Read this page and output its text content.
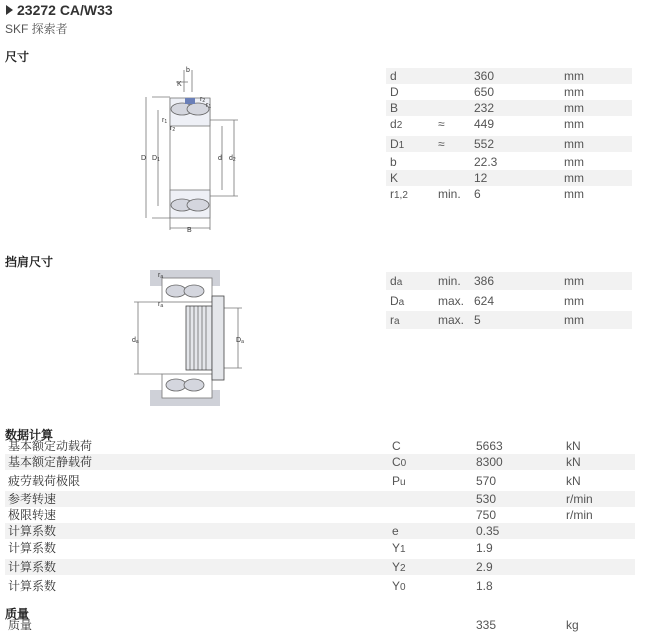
23272 CA/W33
SKF 探索者
尺寸
b
K
r2
r1
r1
r2
D D1	d d2
B
d	360	mm
D	650	mm
B	232	mm
d2	≈ 449	mm
D1	≈ 552	mm
b	22.3	mm
K	12	mm
r1,2	min. 6	mm
挡肩尺寸
ra
ra
da	Da
da	min. 386	mm
Da	max. 624	mm
ra	max. 5	mm
数据计算
基本额定动载荷	C	5663	kN
基本额定静载荷	C0	8300	kN
疲劳载荷极限	Pu	570	kN
参考转速	530	r/min
极限转速	750	r/min
计算系数	e	0.35
计算系数	Y1	1.9
计算系数	Y2	2.9
计算系数	Y0	1.8
质量
质量	335	kg
